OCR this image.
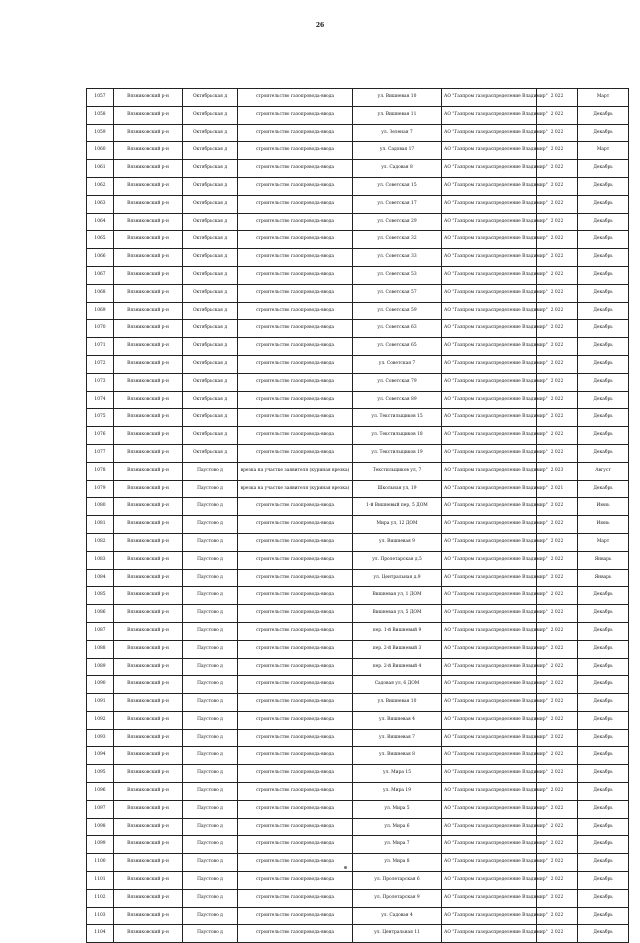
26
1057	Вязниковский р-н	Октябрьская д	строительство газопровода-ввода	ул. Вишневая 10	АО "Газпром газораспределение Владимир"	2 022	Март
1058	Вязниковский р-н	Октябрьская д	строительство газопровода-ввода	ул. Вишневая 11	АО "Газпром газораспределение Владимир"	2 022	Декабрь
1059	Вязниковский р-н	Октябрьская д	строительство газопровода-ввода	ул. Зеленая 7	АО "Газпром газораспределение Владимир"	2 022	Декабрь
1060	Вязниковский р-н	Октябрьская д	строительство газопровода-ввода	ул. Садовая 17	АО "Газпром газораспределение Владимир"	2 022	Март
1061	Вязниковский р-н	Октябрьская д	строительство газопровода-ввода	ул. Садовая 8	АО "Газпром газораспределение Владимир"	2 022	Декабрь
1062	Вязниковский р-н	Октябрьская д	строительство газопровода-ввода	ул. Советская 15	АО "Газпром газораспределение Владимир"	2 022	Декабрь
1063	Вязниковский р-н	Октябрьская д	строительство газопровода-ввода	ул. Советская 17	АО "Газпром газораспределение Владимир"	2 022	Декабрь
1064	Вязниковский р-н	Октябрьская д	строительство газопровода-ввода	ул. Советская 29	АО "Газпром газораспределение Владимир"	2 022	Декабрь
1065	Вязниковский р-н	Октябрьская д	строительство газопровода-ввода	ул. Советская 32	АО "Газпром газораспределение Владимир"	2 022	Декабрь
1066	Вязниковский р-н	Октябрьская д	строительство газопровода-ввода	ул. Советская 33	АО "Газпром газораспределение Владимир"	2 022	Декабрь
1067	Вязниковский р-н	Октябрьская д	строительство газопровода-ввода	ул. Советская 53	АО "Газпром газораспределение Владимир"	2 022	Декабрь
1068	Вязниковский р-н	Октябрьская д	строительство газопровода-ввода	ул. Советская 57	АО "Газпром газораспределение Владимир"	2 022	Декабрь
1069	Вязниковский р-н	Октябрьская д	строительство газопровода-ввода	ул. Советская 59	АО "Газпром газораспределение Владимир"	2 022	Декабрь
1070	Вязниковский р-н	Октябрьская д	строительство газопровода-ввода	ул. Советская 63	АО "Газпром газораспределение Владимир"	2 022	Декабрь
1071	Вязниковский р-н	Октябрьская д	строительство газопровода-ввода	ул. Советская 65	АО "Газпром газораспределение Владимир"	2 022	Декабрь
1072	Вязниковский р-н	Октябрьская д	строительство газопровода-ввода	ул. Советская 7	АО "Газпром газораспределение Владимир"	2 022	Декабрь
1073	Вязниковский р-н	Октябрьская д	строительство газопровода-ввода	ул. Советская 79	АО "Газпром газораспределение Владимир"	2 022	Декабрь
1074	Вязниковский р-н	Октябрьская д	строительство газопровода-ввода	ул. Советская 89	АО "Газпром газораспределение Владимир"	2 022	Декабрь
1075	Вязниковский р-н	Октябрьская д	строительство газопровода-ввода	ул. Текстильщиков 15	АО "Газпром газораспределение Владимир"	2 022	Декабрь
1076	Вязниковский р-н	Октябрьская д	строительство газопровода-ввода	ул. Текстильщиков 18	АО "Газпром газораспределение Владимир"	2 022	Декабрь
1077	Вязниковский р-н	Октябрьская д	строительство газопровода-ввода	ул. Текстильщиков 19	АО "Газпром газораспределение Владимир"	2 022	Декабрь
1078	Вязниковский р-н	Паустово д	врезка на участке заявителя (куриная врезка)	Текстильщиков ул, 7	АО "Газпром газораспределение Владимир"	2 023	Август
1079	Вязниковский р-н	Паустово д	врезка на участке заявителя (куриная врезка)	Школьная ул, 19	АО "Газпром газораспределение Владимир"	2 021	Декабрь
1080	Вязниковский р-н	Паустово д	строительство газопровода-ввода	1-й Вишневый пер, 5 ДОМ	АО "Газпром газораспределение Владимир"	2 022	Июнь
1081	Вязниковский р-н	Паустово д	строительство газопровода-ввода	Мира ул, 12 ДОМ	АО "Газпром газораспределение Владимир"	2 022	Июнь
1082	Вязниковский р-н	Паустово д	строительство газопровода-ввода	ул. Вишневая 9	АО "Газпром газораспределение Владимир"	2 022	Март
1083	Вязниковский р-н	Паустово д	строительство газопровода-ввода	ул. Пролетарская д.5	АО "Газпром газораспределение Владимир"	2 022	Январь
1084	Вязниковский р-н	Паустово д	строительство газопровода-ввода	ул. Центральная д.9	АО "Газпром газораспределение Владимир"	2 022	Январь
1085	Вязниковский р-н	Паустово д	строительство газопровода-ввода	Вишневая ул, 1 ДОМ	АО "Газпром газораспределение Владимир"	2 022	Декабрь
1086	Вязниковский р-н	Паустово д	строительство газопровода-ввода	Вишневая ул, 5 ДОМ	АО "Газпром газораспределение Владимир"	2 022	Декабрь
1087	Вязниковский р-н	Паустово д	строительство газопровода-ввода	пер. 1-й Вишневый 9	АО "Газпром газораспределение Владимир"	2 022	Декабрь
1088	Вязниковский р-н	Паустово д	строительство газопровода-ввода	пер. 2-й Вишневый 3	АО "Газпром газораспределение Владимир"	2 022	Декабрь
1089	Вязниковский р-н	Паустово д	строительство газопровода-ввода	пер. 2-й Вишневый 4	АО "Газпром газораспределение Владимир"	2 022	Декабрь
1090	Вязниковский р-н	Паустово д	строительство газопровода-ввода	Садовая ул, 6 ДОМ	АО "Газпром газораспределение Владимир"	2 022	Декабрь
1091	Вязниковский р-н	Паустово д	строительство газопровода-ввода	ул. Вишневая 10	АО "Газпром газораспределение Владимир"	2 022	Декабрь
1092	Вязниковский р-н	Паустово д	строительство газопровода-ввода	ул. Вишневая 4	АО "Газпром газораспределение Владимир"	2 022	Декабрь
1093	Вязниковский р-н	Паустово д	строительство газопровода-ввода	ул. Вишневая 7	АО "Газпром газораспределение Владимир"	2 022	Декабрь
1094	Вязниковский р-н	Паустово д	строительство газопровода-ввода	ул. Вишневая 8	АО "Газпром газораспределение Владимир"	2 022	Декабрь
1095	Вязниковский р-н	Паустово д	строительство газопровода-ввода	ул. Мира 15	АО "Газпром газораспределение Владимир"	2 022	Декабрь
1096	Вязниковский р-н	Паустово д	строительство газопровода-ввода	ул. Мира 19	АО "Газпром газораспределение Владимир"	2 022	Декабрь
1097	Вязниковский р-н	Паустово д	строительство газопровода-ввода	ул. Мира 5	АО "Газпром газораспределение Владимир"	2 022	Декабрь
1098	Вязниковский р-н	Паустово д	строительство газопровода-ввода	ул. Мира 6	АО "Газпром газораспределение Владимир"	2 022	Декабрь
1099	Вязниковский р-н	Паустово д	строительство газопровода-ввода	ул. Мира 7	АО "Газпром газораспределение Владимир"	2 022	Декабрь
1100	Вязниковский р-н	Паустово д	строительство газопровода-ввода	ул. Мира 8	АО "Газпром газораспределение Владимир"	2 022	Декабрь
1101	Вязниковский р-н	Паустово д	строительство газопровода-ввода	ул. Пролетарская 6	АО "Газпром газораспределение Владимир"	2 022	Декабрь
1102	Вязниковский р-н	Паустово д	строительство газопровода-ввода	ул. Пролетарская 9	АО "Газпром газораспределение Владимир"	2 022	Декабрь
1103	Вязниковский р-н	Паустово д	строительство газопровода-ввода	ул. Садовая 4	АО "Газпром газораспределение Владимир"	2 022	Декабрь
1104	Вязниковский р-н	Паустово д	строительство газопровода-ввода	ул. Центральная 11	АО "Газпром газораспределение Владимир"	2 022	Декабрь
